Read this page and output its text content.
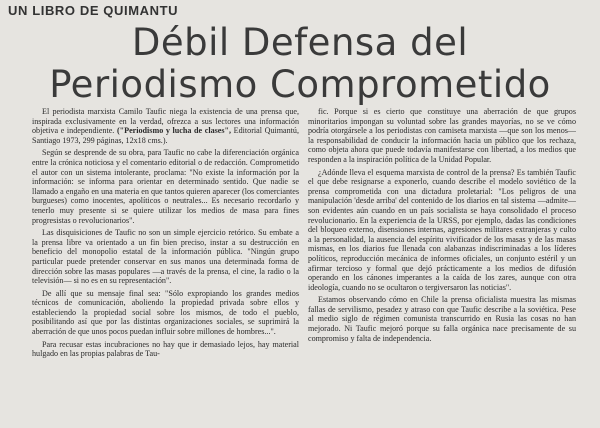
UN LIBRO DE QUIMANTU
Débil Defensa del
Periodismo Comprometido

El periodista marxista Camilo Taufic niega la existencia de una prensa que, inspirada exclusivamente en la verdad, ofrezca a sus lectores una información objetiva e independiente. ("Periodismo y lucha de clases", Editorial Quimantú, Santiago 1973, 299 páginas, 12x18 cms.).

Según se desprende de su obra, para Taufic no cabe la diferenciación orgánica entre la crónica noticiosa y el comentario editorial o de redacción. Comprometido el autor con un sistema intolerante, proclama: "No existe la información por la información: se informa para orientar en determinado sentido. Que nadie se llamado a engaño en una materia en que tantos quieren aparecer (los comerciantes burgueses) como inocentes, apolíticos o neutrales... Es necesario recordarlo y tenerlo muy presente si se quiere utilizar los medios de masa para fines progresistas o revolucionarios".

Las disquisiciones de Taufic no son un simple ejercicio retórico. Su embate a la prensa libre va orientado a un fin bien preciso, instar a su destrucción en beneficio del monopolio estatal de la información pública. "Ningún grupo particular puede pretender conservar en sus manos una determinada forma de dirección sobre las masas populares —a través de la prensa, el cine, la radio o la televisión— si no es en su representación".

De allí que su mensaje final sea: "Sólo expropiando los grandes medios técnicos de comunicación, aboliendo la propiedad privada sobre ellos y estableciendo la propiedad social sobre los mismos, de todo el pueblo, posibilitando así que por las distintas organizaciones sociales, se suprimirá la aberración de que unos pocos puedan influir sobre millones de hombres...".

Para recusar estas incubraciones no hay que ir demasiado lejos, hay material hulgado en las propias palabras de Tau-

fic. Porque si es cierto que constituye una aberración de que grupos minoritarios impongan su voluntad sobre las grandes mayorías, no se ve cómo podría otorgársele a los periodistas con camiseta marxista —que son los menos— la responsabilidad de conducir la información hacia un público que los rechaza, como objeta ahora que puede todavía manifestarse con libertad, a los medios que responden a la inspiración política de la Unidad Popular.

¿Adónde lleva el esquema marxista de control de la prensa? Es también Taufic el que debe resignarse a exponerlo, cuando describe el modelo soviético de la prensa comprometida con una dictadura proletarial: "Los peligros de una manipulación 'desde arriba' del contenido de los diarios en tal sistema —admite— son evidentes aún cuando en un país socialista se haya consolidado el proceso revolucionario. En la experiencia de la URSS, por ejemplo, dadas las condiciones del bloqueo externo, disensiones internas, agresiones militares extranjeras y culto a la personalidad, la ausencia del espíritu vivificador de los masas y de las masas mismas, en los diarios fue llenada con alabanzas indiscriminadas a los líderes políticos, reproducción mecánica de informes oficiales, un conjunto estéril y un afirmar tercioso y formal que dejó prácticamente a los medios de difusión operando en los cánones imperantes a la caída de los zares, aunque con otra ideología, cuando no se ocultaron o tergiversaron las noticias".

Estamos observando cómo en Chile la prensa oficialista muestra las mismas fallas de servilismo, pesadez y atraso con que Taufic describe a la soviética. Pese al medio siglo de régimen comunista transcurrido en Rusia las cosas no han mejorado. Ni Taufic mejoró porque su falla orgánica nace precisamente de su compromiso y falta de independencia.
